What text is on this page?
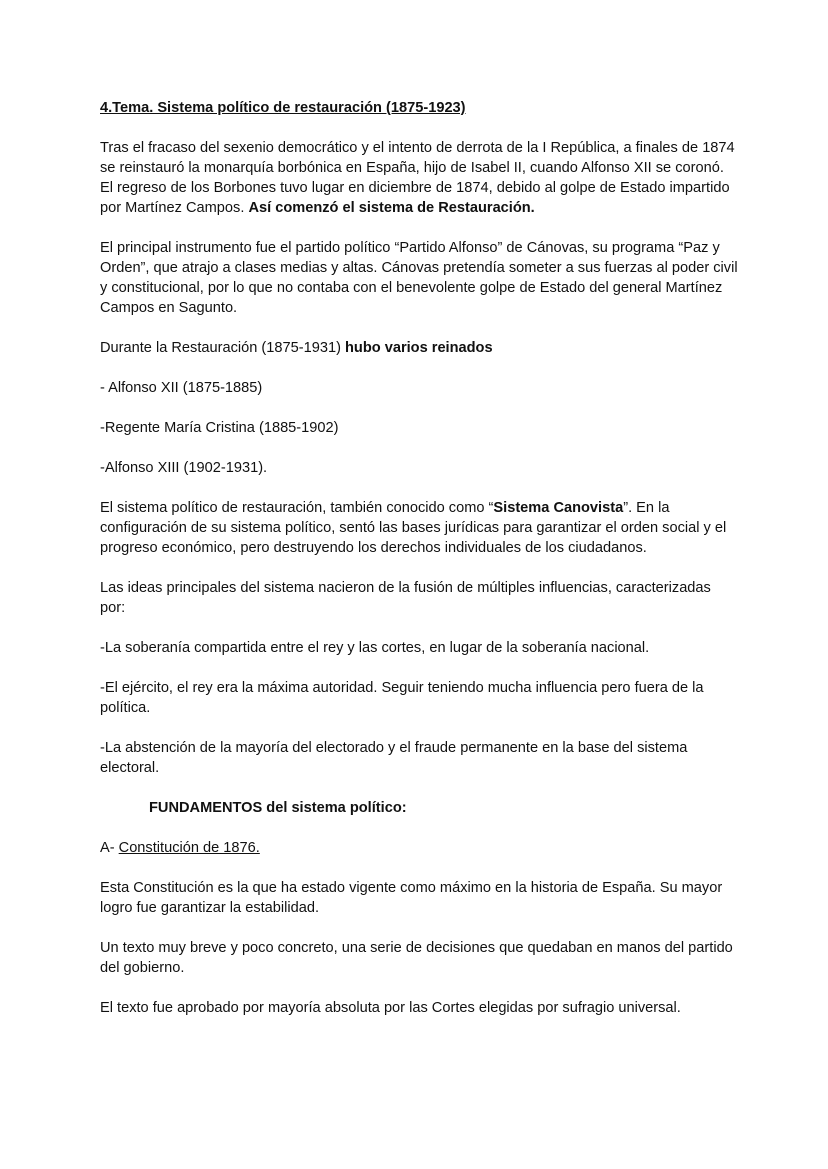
4.Tema. Sistema político de restauración (1875-1923)

Tras el fracaso del sexenio democrático y el intento de derrota de la I República, a finales de 1874 se reinstauró la monarquía borbónica en España, hijo de Isabel II, cuando Alfonso XII se coronó. El regreso de los Borbones tuvo lugar en diciembre de 1874, debido al golpe de Estado impartido por Martínez Campos. Así comenzó el sistema de Restauración.

El principal instrumento fue el partido político “Partido Alfonso” de Cánovas, su programa “Paz y Orden”, que atrajo a clases medias y altas. Cánovas pretendía someter a sus fuerzas al poder civil y constitucional, por lo que no contaba con el benevolente golpe de Estado del general Martínez Campos en Sagunto.

Durante la Restauración (1875-1931) hubo varios reinados

- Alfonso XII (1875-1885)

-Regente María Cristina (1885-1902)

-Alfonso XIII (1902-1931).

El sistema político de restauración, también conocido como “Sistema Canovista”. En la configuración de su sistema político, sentó las bases jurídicas para garantizar el orden social y el progreso económico, pero destruyendo los derechos individuales de los ciudadanos.

Las ideas principales del sistema nacieron de la fusión de múltiples influencias, caracterizadas por:

-La soberanía compartida entre el rey y las cortes, en lugar de la soberanía nacional.

-El ejército, el rey era la máxima autoridad. Seguir teniendo mucha influencia pero fuera de la política.

-La abstención de la mayoría del electorado y el fraude permanente en la base del sistema electoral.

FUNDAMENTOS del sistema político:

A- Constitución de 1876.

Esta Constitución es la que ha estado vigente como máximo en la historia de España. Su mayor logro fue garantizar la estabilidad.

Un texto muy breve y poco concreto, una serie de decisiones que quedaban en manos del partido del gobierno.

El texto fue aprobado por mayoría absoluta por las Cortes elegidas por sufragio universal.
